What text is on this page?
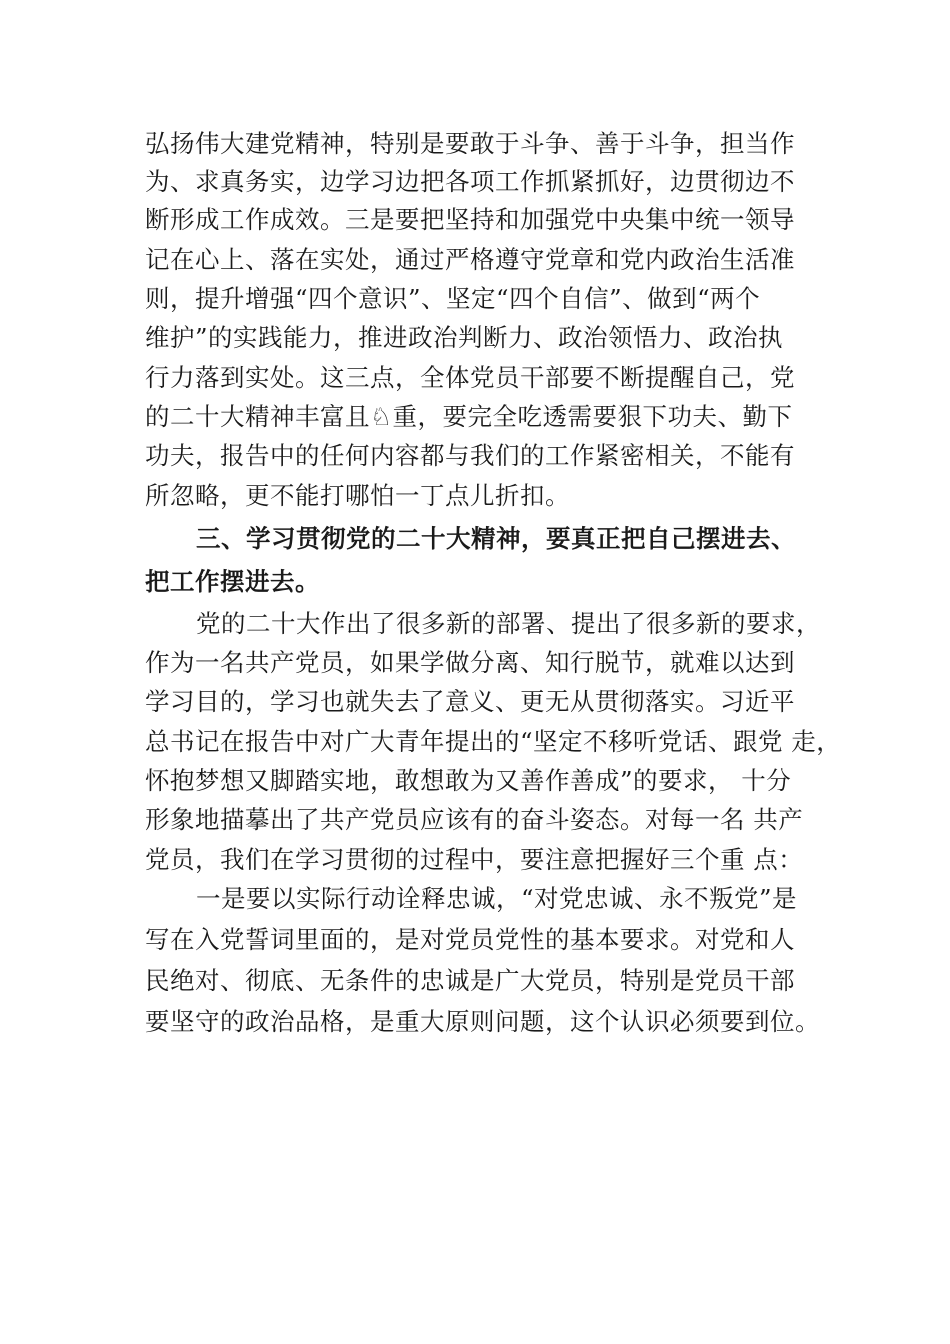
弘扬伟大建党精神，特别是要敢于斗争、善于斗争，担当作
为、求真务实，边学习边把各项工作抓紧抓好，边贯彻边不
断形成工作成效。三是要把坚持和加强党中央集中统一领导
记在心上、落在实处，通过严格遵守党章和党内政治生活准
则，提升增强“四个意识”、坚定“四个自信”、做到“两个
维护”的实践能力，推进政治判断力、政治领悟力、政治执
行力落到实处。这三点，全体党员干部要不断提醒自己，党
的二十大精神丰富且♘重，要完全吃透需要狠下功夫、勤下
功夫，报告中的任何内容都与我们的工作紧密相关，不能有
所忽略，更不能打哪怕一丁点儿折扣。
三、学习贯彻党的二十大精神，要真正把自己摆进去、
把工作摆进去。
党的二十大作出了很多新的部署、提出了很多新的要求，
作为一名共产党员，如果学做分离、知行脱节，就难以达到
学习目的，学习也就失去了意义、更无从贯彻落实。习近平
总书记在报告中对广大青年提出的“坚定不移听党话、跟党 走，
怀抱梦想又脚踏实地，敢想敢为又善作善成”的要求， 十分
形象地描摹出了共产党员应该有的奋斗姿态。对每一名 共产
党员，我们在学习贯彻的过程中，要注意把握好三个重 点：
一是要以实际行动诠释忠诚，“对党忠诚、永不叛党”是
写在入党誓词里面的，是对党员党性的基本要求。对党和人
民绝对、彻底、无条件的忠诚是广大党员，特别是党员干部
要坚守的政治品格，是重大原则问题，这个认识必须要到位。
